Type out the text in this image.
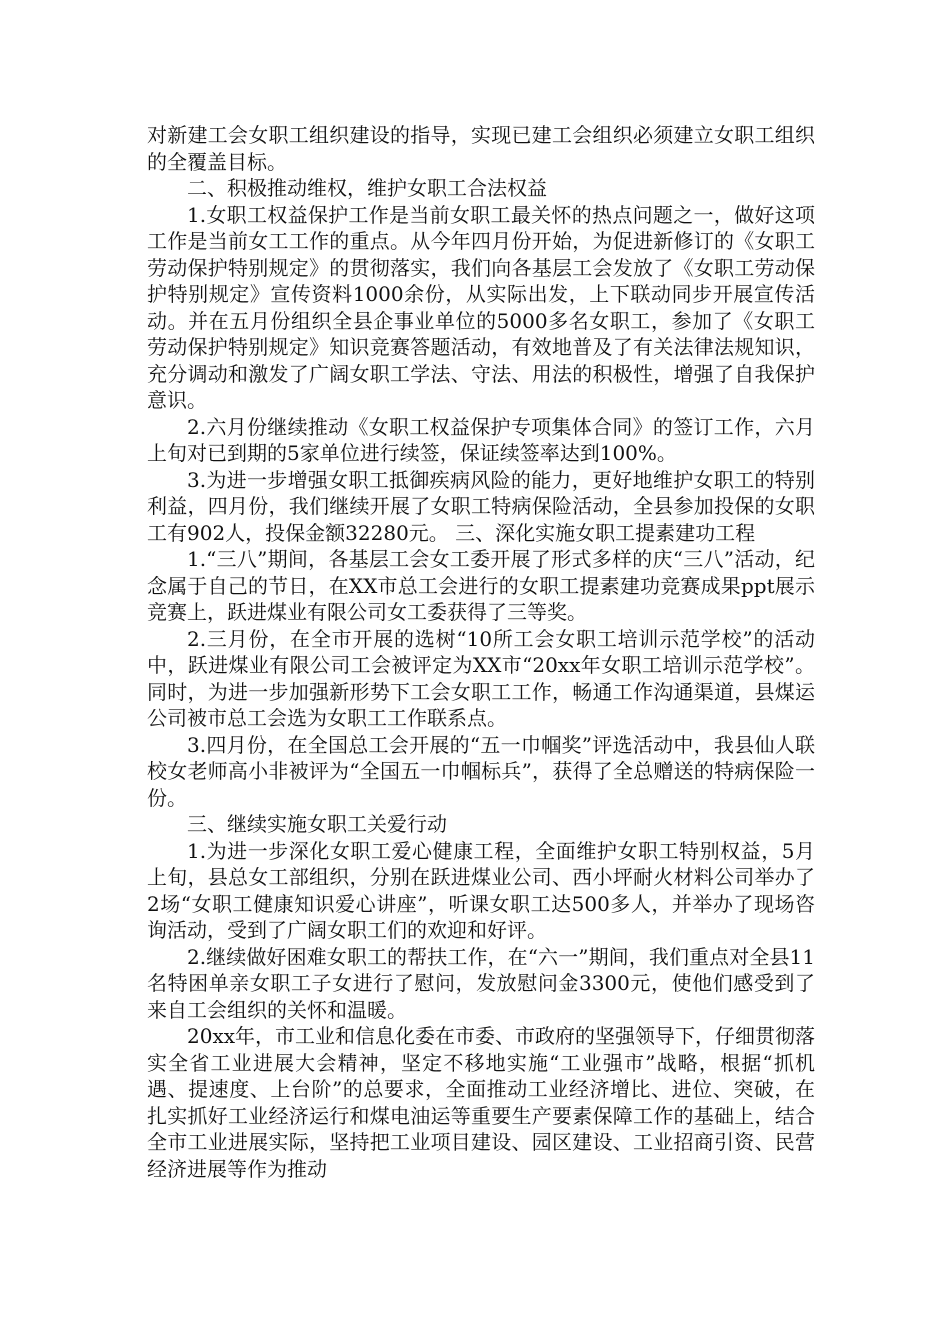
对新建工会女职工组织建设的指导，实现已建工会组织必须建立女职工组织的全覆盖目标。

二、积极推动维权，维护女职工合法权益

1.女职工权益保护工作是当前女职工最关怀的热点问题之一，做好这项工作是当前女工工作的重点。从今年四月份开始，为促进新修订的《女职工劳动保护特别规定》的贯彻落实，我们向各基层工会发放了《女职工劳动保护特别规定》宣传资料1000余份，从实际出发，上下联动同步开展宣传活动。并在五月份组织全县企事业单位的5000多名女职工，参加了《女职工劳动保护特别规定》知识竞赛答题活动，有效地普及了有关法律法规知识，充分调动和激发了广阔女职工学法、守法、用法的积极性，增强了自我保护意识。

2.六月份继续推动《女职工权益保护专项集体合同》的签订工作，六月上旬对已到期的5家单位进行续签，保证续签率达到100%。

3.为进一步增强女职工抵御疾病风险的能力，更好地维护女职工的特别利益，四月份，我们继续开展了女职工特病保险活动，全县参加投保的女职工有902人，投保金额32280元。 三、深化实施女职工提素建功工程

1.“三八”期间，各基层工会女工委开展了形式多样的庆“三八”活动，纪念属于自己的节日，在XX市总工会进行的女职工提素建功竞赛成果ppt展示竞赛上，跃进煤业有限公司女工委获得了三等奖。

2.三月份，在全市开展的选树“10所工会女职工培训示范学校”的活动中，跃进煤业有限公司工会被评定为XX市“20xx年女职工培训示范学校”。同时，为进一步加强新形势下工会女职工工作，畅通工作沟通渠道，县煤运公司被市总工会选为女职工工作联系点。

3.四月份，在全国总工会开展的“五一巾帼奖”评选活动中，我县仙人联校女老师高小非被评为“全国五一巾帼标兵”，获得了全总赠送的特病保险一份。

三、继续实施女职工关爱行动

1.为进一步深化女职工爱心健康工程，全面维护女职工特别权益，5月上旬，县总女工部组织，分别在跃进煤业公司、西小坪耐火材料公司举办了2场“女职工健康知识爱心讲座”，听课女职工达500多人，并举办了现场咨询活动，受到了广阔女职工们的欢迎和好评。

2.继续做好困难女职工的帮扶工作，在“六一”期间，我们重点对全县11名特困单亲女职工子女进行了慰问，发放慰问金3300元，使他们感受到了来自工会组织的关怀和温暖。

20xx年，市工业和信息化委在市委、市政府的坚强领导下，仔细贯彻落实全省工业进展大会精神，坚定不移地实施“工业强市”战略，根据“抓机遇、提速度、上台阶”的总要求，全面推动工业经济增比、进位、突破，在扎实抓好工业经济运行和煤电油运等重要生产要素保障工作的基础上，结合全市工业进展实际，坚持把工业项目建设、园区建设、工业招商引资、民营经济进展等作为推动
